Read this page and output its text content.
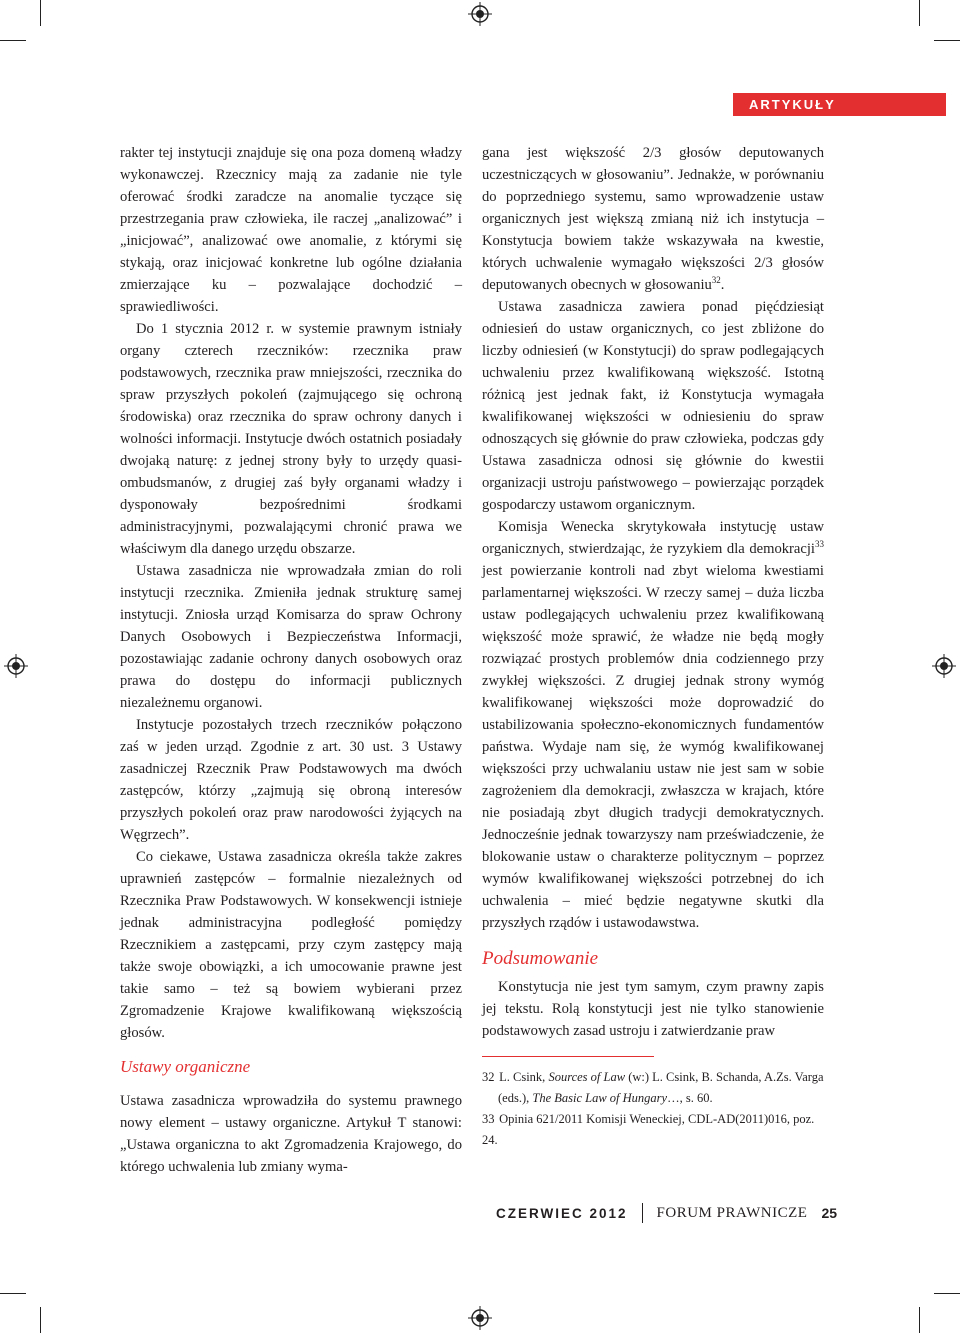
ARTYKUŁY

rakter tej instytucji znajduje się ona poza domeną władzy wykonawczej. Rzecznicy mają za zadanie nie tyle oferować środki zaradcze na anomalie tyczące się przestrzegania praw człowieka, ile raczej „analizować” i „inicjować”, analizować owe anomalie, z którymi się stykają, oraz inicjować konkretne lub ogólne działania zmierzające ku – pozwalające dochodzić – sprawiedliwości.

Do 1 stycznia 2012 r. w systemie prawnym istniały organy czterech rzeczników: rzecznika praw podstawowych, rzecznika praw mniejszości, rzecznika do spraw przyszłych pokoleń (zajmującego się ochroną środowiska) oraz rzecznika do spraw ochrony danych i wolności informacji. Instytucje dwóch ostatnich posiadały dwojaką naturę: z jednej strony były to urzędy quasi-ombudsmanów, z drugiej zaś były organami władzy i dysponowały bezpośrednimi środkami administracyjnymi, pozwalającymi chronić prawa we właściwym dla danego urzędu obszarze.

Ustawa zasadnicza nie wprowadzała zmian do roli instytucji rzecznika. Zmieniła jednak strukturę samej instytucji. Zniosła urząd Komisarza do spraw Ochrony Danych Osobowych i Bezpieczeństwa Informacji, pozostawiając zadanie ochrony danych osobowych oraz prawa do dostępu do informacji publicznych niezależnemu organowi.

Instytucje pozostałych trzech rzeczników połączono zaś w jeden urząd. Zgodnie z art. 30 ust. 3 Ustawy zasadniczej Rzecznik Praw Podstawowych ma dwóch zastępców, którzy „zajmują się obroną interesów przyszłych pokoleń oraz praw narodowości żyjących na Węgrzech”.

Co ciekawe, Ustawa zasadnicza określa także zakres uprawnień zastępców – formalnie niezależnych od Rzecznika Praw Podstawowych. W konsekwencji istnieje jednak administracyjna podległość pomiędzy Rzecznikiem a zastępcami, przy czym zastępcy mają także swoje obowiązki, a ich umocowanie prawne jest takie samo – też są bowiem wybierani przez Zgromadzenie Krajowe kwalifikowaną większością głosów.

Ustawy organiczne

Ustawa zasadnicza wprowadziła do systemu prawnego nowy element – ustawy organiczne. Artykuł T stanowi: „Ustawa organiczna to akt Zgromadzenia Krajowego, do którego uchwalenia lub zmiany wyma-

gana jest większość 2/3 głosów deputowanych uczestniczących w głosowaniu”. Jednakże, w porównaniu do poprzedniego systemu, samo wprowadzenie ustaw organicznych jest większą zmianą niż ich instytucja – Konstytucja bowiem także wskazywała na kwestie, których uchwalenie wymagało większości 2/3 głosów deputowanych obecnych w głosowaniu$^{32}$.

Ustawa zasadnicza zawiera ponad pięćdziesiąt odniesień do ustaw organicznych, co jest zbliżone do liczby odniesień (w Konstytucji) do spraw podlegających uchwaleniu przez kwalifikowaną większość. Istotną różnicą jest jednak fakt, iż Konstytucja wymagała kwalifikowanej większości w odniesieniu do spraw odnoszących się głównie do praw człowieka, podczas gdy Ustawa zasadnicza odnosi się głównie do kwestii organizacji ustroju państwowego – powierzając porządek gospodarczy ustawom organicznym.

Komisja Wenecka skrytykowała instytucję ustaw organicznych, stwierdzając, że ryzykiem dla demokracji$^{33}$ jest powierzanie kontroli nad zbyt wieloma kwestiami parlamentarnej większości. W rzeczy samej – duża liczba ustaw podlegających uchwaleniu przez kwalifikowaną większość może sprawić, że władze nie będą mogły rozwiązać prostych problemów dnia codziennego przy zwykłej większości. Z drugiej jednak strony wymóg kwalifikowanej większości może doprowadzić do ustabilizowania społeczno-ekonomicznych fundamentów państwa. Wydaje nam się, że wymóg kwalifikowanej większości przy uchwalaniu ustaw nie jest sam w sobie zagrożeniem dla demokracji, zwłaszcza w krajach, które nie posiadają zbyt długich tradycji demokratycznych. Jednocześnie jednak towarzyszy nam przeświadczenie, że blokowanie ustaw o charakterze politycznym – poprzez wymów kwalifikowanej większości potrzebnej do ich uchwalenia – mieć będzie negatywne skutki dla przyszłych rządów i ustawodawstwa.

Podsumowanie

Konstytucja nie jest tym samym, czym prawny zapis jej tekstu. Rolą konstytucji jest nie tylko stanowienie podstawowych zasad ustroju i zatwierdzanie praw

32 L. Csink, Sources of Law (w:) L. Csink, B. Schanda, A.Zs. Varga
(eds.), The Basic Law of Hungary…, s. 60.
33 Opinia 621/2011 Komisji Weneckiej, CDL-AD(2011)016, poz. 24.
CZERWIEC 2012 FORUM PRAWNICZE 25
